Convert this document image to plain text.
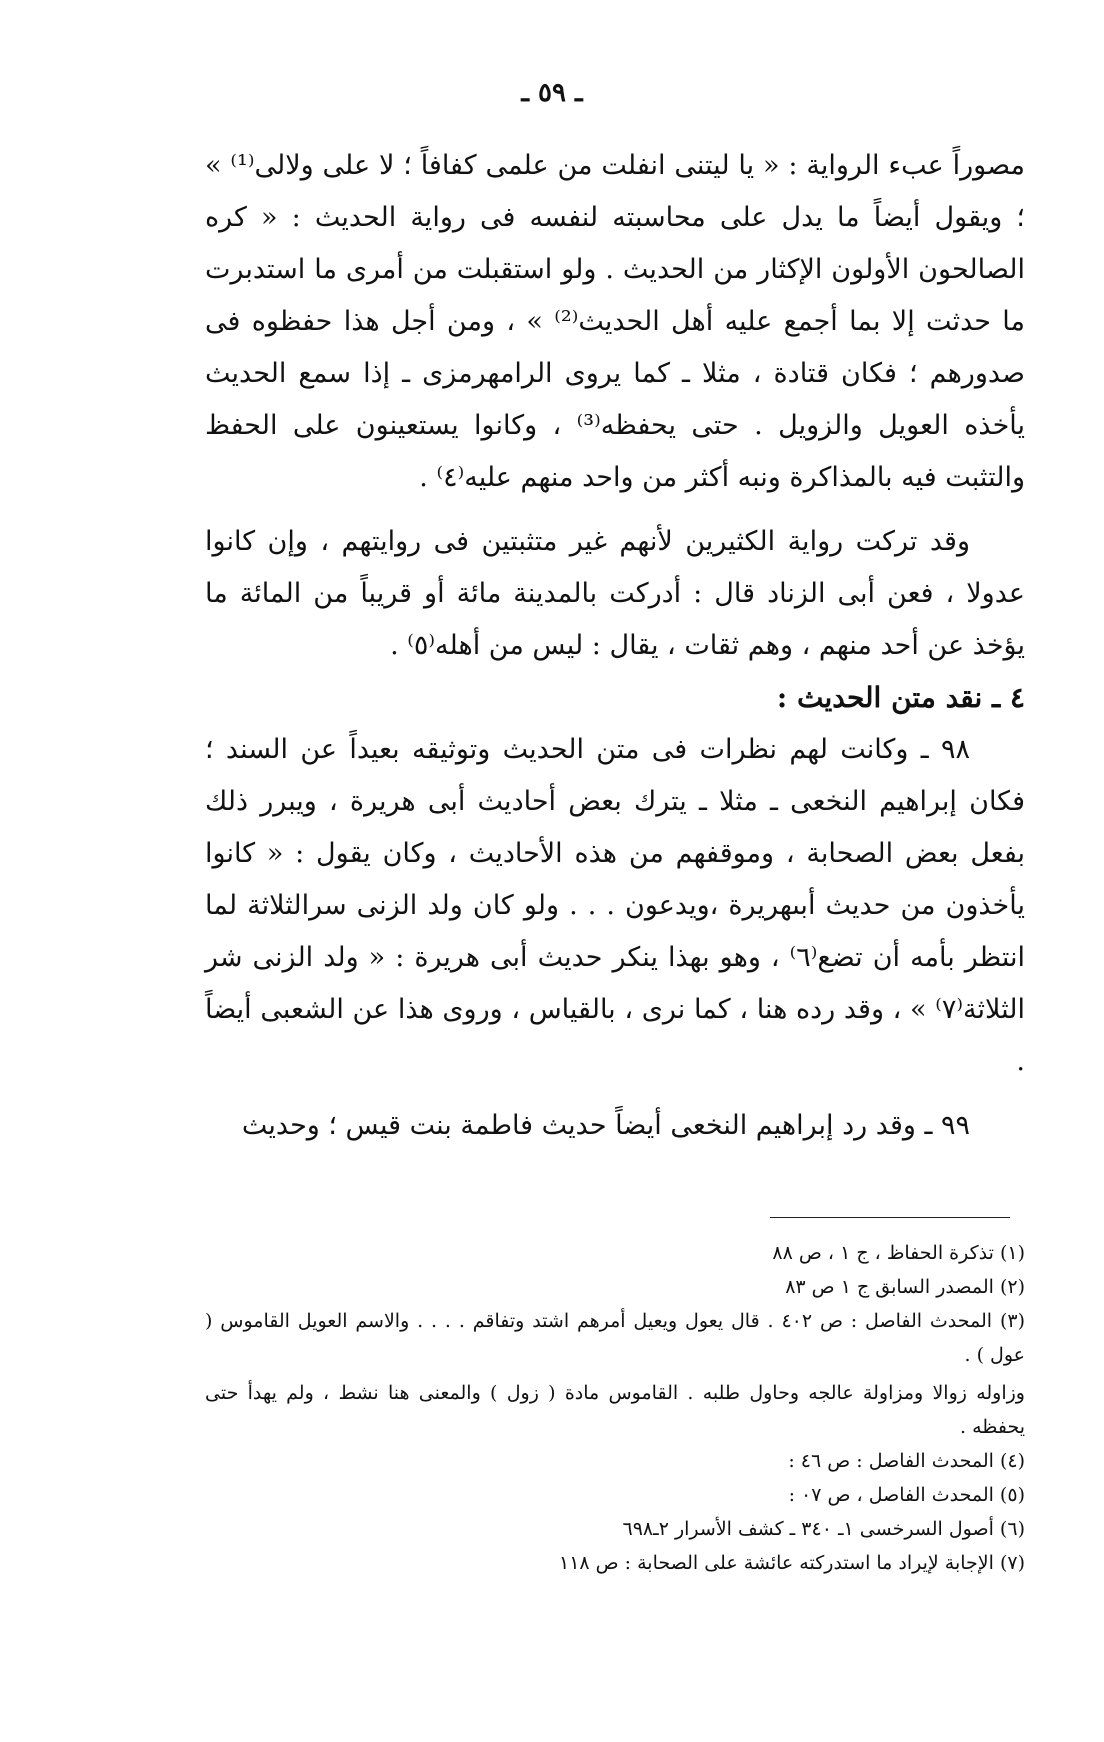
ـ ٥٩ ـ

مصوراً عبء الرواية : « يا ليتنى انفلت من علمى كفافاً ؛ لا على ولالى⁽¹⁾ » ؛ ويقول أيضاً ما يدل على محاسبته لنفسه فى رواية الحديث : « كره الصالحون الأولون الإكثار من الحديث . ولو استقبلت من أمرى ما استدبرت ما حدثت إلا بما أجمع عليه أهل الحديث⁽²⁾ » ، ومن أجل هذا حفظوه فى صدورهم ؛ فكان قتادة ، مثلا ـ كما يروى الرامهرمزى ـ إذا سمع الحديث يأخذه العويل والزويل . حتى يحفظه⁽³⁾ ، وكانوا يستعينون على الحفظ والتثبت فيه بالمذاكرة ونبه أكثر من واحد منهم عليه⁽٤⁾ .

وقد تركت رواية الكثيرين لأنهم غير متثبتين فى روايتهم ، وإن كانوا عدولا ، فعن أبى الزناد قال : أدركت بالمدينة مائة أو قريباً من المائة ما يؤخذ عن أحد منهم ، وهم ثقات ، يقال : ليس من أهله⁽٥⁾ .

٤ ـ نقد متن الحديث :

٩٨ ـ وكانت لهم نظرات فى متن الحديث وتوثيقه بعيداً عن السند ؛ فكان إبراهيم النخعى ـ مثلا ـ يترك بعض أحاديث أبى هريرة ، ويبرر ذلك بفعل بعض الصحابة ، وموقفهم من هذه الأحاديث ، وكان يقول : « كانوا يأخذون من حديث أبىهريرة ،ويدعون . . . ولو كان ولد الزنى سرالثلاثة لما انتظر بأمه أن تضع⁽٦⁾ ، وهو بهذا ينكر حديث أبى هريرة : « ولد الزنى شر الثلاثة⁽٧⁾ » ، وقد رده هنا ، كما نرى ، بالقياس ، وروى هذا عن الشعبى أيضاً .

٩٩ ـ وقد رد إبراهيم النخعى أيضاً حديث فاطمة بنت قيس ؛ وحديث

(١) تذكرة الحفاظ ، ج ١ ، ص ٨٨

(٢) المصدر السابق ج ١ ص ٨٣

(٣) المحدث الفاصل : ص ٤٠٢ . قال يعول ويعيل أمرهم اشتد وتفاقم . . . . والاسم العويل القاموس ( عول ) .

وزاوله زوالا ومزاولة عالجه وحاول طلبه . القاموس مادة ( زول ) والمعنى هنا نشط ، ولم يهدأ حتى يحفظه .

(٤) المحدث الفاصل : ص ٤٦ :

(٥) المحدث الفاصل ، ص ٠٧ :

(٦) أصول السرخسى ١ـ ٣٤٠ ـ كشف الأسرار ٢ـ٦٩٨

(٧) الإجابة لإيراد ما استدركته عائشة على الصحابة : ص ١١٨
